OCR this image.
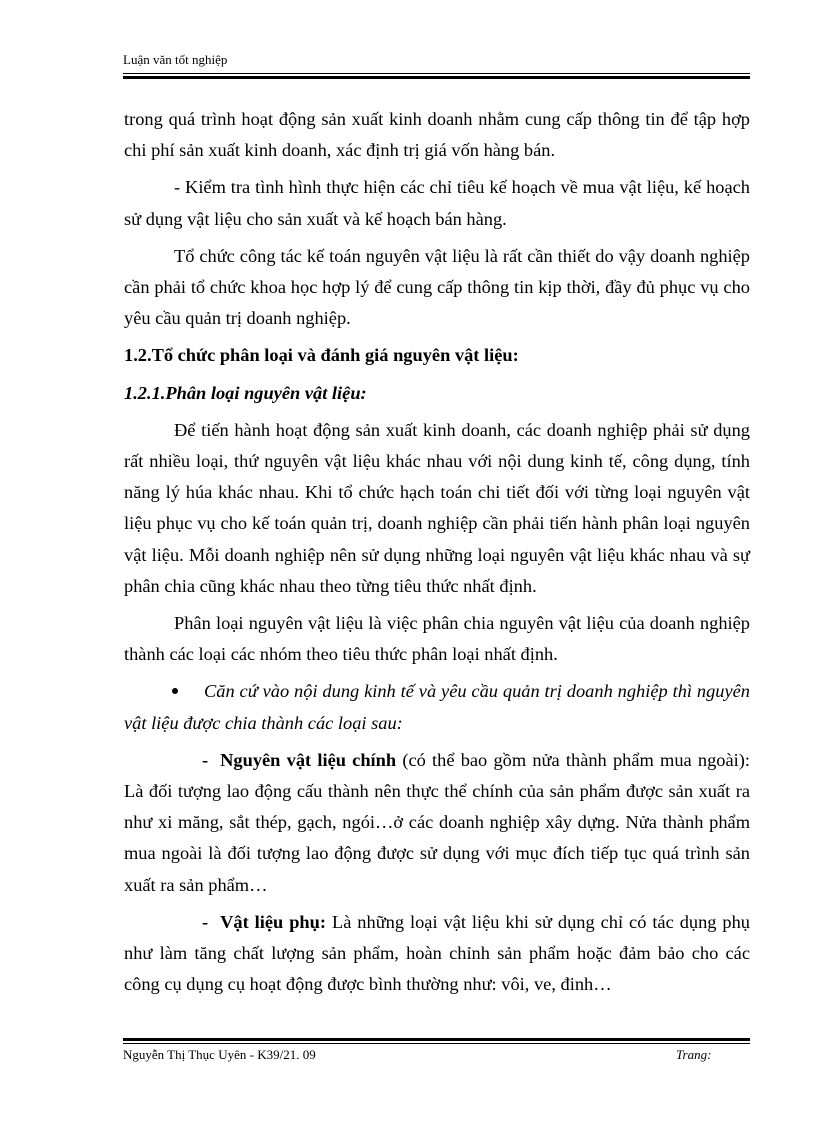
Luận văn tốt nghiệp

trong quá trình hoạt động sản xuất kinh doanh nhằm cung cấp thông tin để tập hợp chi phí sản xuất kinh doanh, xác định trị giá vốn hàng bán.

- Kiểm tra tình hình thực hiện các chỉ tiêu kế hoạch về mua vật liệu, kế hoạch sử dụng vật liệu cho sản xuất và kế hoạch bán hàng.

Tổ chức công tác kế toán nguyên vật liệu là rất cần thiết do vậy doanh nghiệp cần phải tổ chức khoa học hợp lý để cung cấp thông tin kịp thời, đầy đủ phục vụ cho yêu cầu quản trị doanh nghiệp.

1.2.Tổ chức phân loại và đánh giá nguyên vật liệu:

1.2.1.Phân loại nguyên vật liệu:

Để tiến hành hoạt động sản xuất kinh doanh, các doanh nghiệp phải sử dụng rất nhiều loại, thứ nguyên vật liệu khác nhau với nội dung kinh tế, công dụng, tính năng lý húa khác nhau. Khi tổ chức hạch toán chi tiết đối với từng loại nguyên vật liệu phục vụ cho kế toán quản trị, doanh nghiệp cần phải tiến hành phân loại nguyên vật liệu. Mỗi doanh nghiệp nên sử dụng những loại nguyên vật liệu khác nhau và sự phân chia cũng khác nhau theo từng tiêu thức nhất định.

Phân loại nguyên vật liệu là việc phân chia nguyên vật liệu của doanh nghiệp thành các loại các nhóm theo tiêu thức phân loại nhất định.

Căn cứ vào nội dung kinh tế và yêu cầu quản trị doanh nghiệp thì nguyên vật liệu được chia thành các loại sau:

- Nguyên vật liệu chính (có thể bao gồm nửa thành phẩm mua ngoài): Là đối tượng lao động cấu thành nên thực thể chính của sản phẩm được sản xuất ra như xi măng, sắt thép, gạch, ngói…ở các doanh nghiệp xây dựng. Nửa thành phẩm mua ngoài là đối tượng lao động được sử dụng với mục đích tiếp tục quá trình sản xuất ra sản phẩm…

- Vật liệu phụ: Là những loại vật liệu khi sử dụng chỉ có tác dụng phụ như làm tăng chất lượng sản phẩm, hoàn chỉnh sản phẩm hoặc đảm bảo cho các công cụ dụng cụ hoạt động được bình thường như: vôi, ve, đinh…

Nguyễn Thị Thục Uyên - K39/21. 09	Trang:
